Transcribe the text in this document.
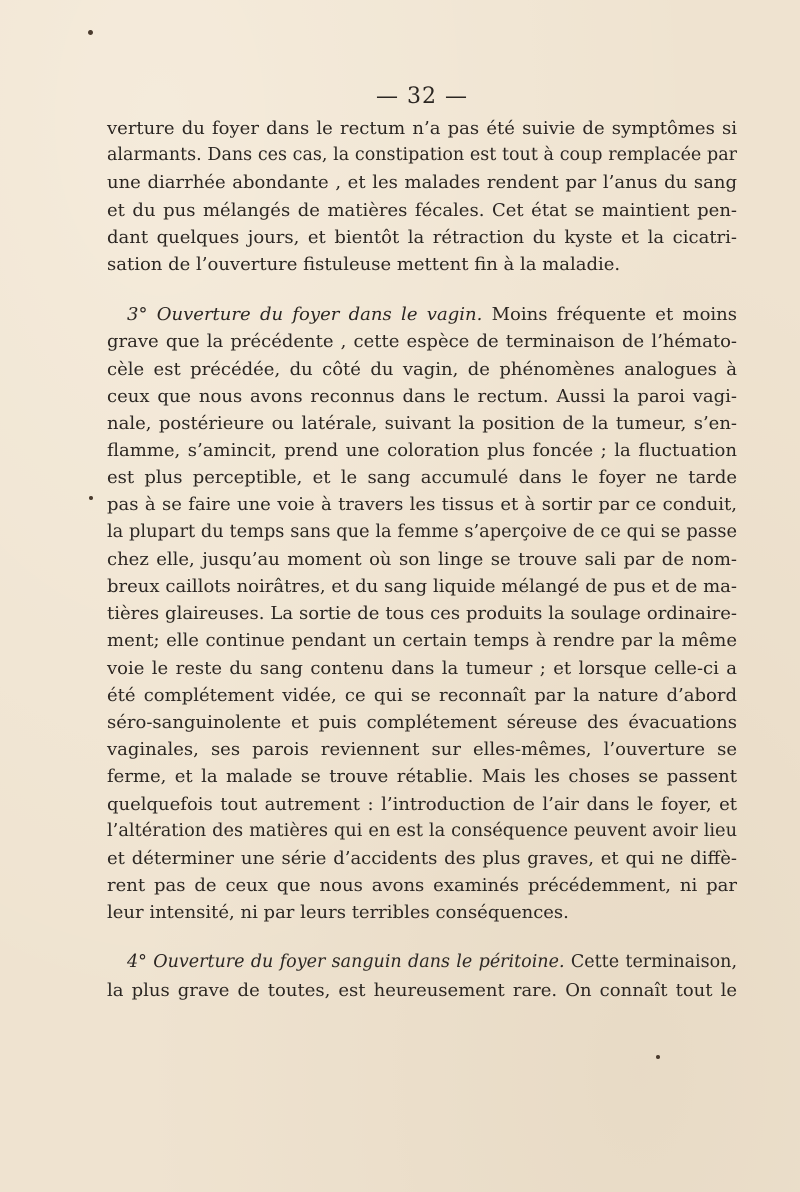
— 32 —
verture du foyer dans le rectum n’a pas été suivie de symptômes si
alarmants. Dans ces cas, la constipation est tout à coup remplacée par
une diarrhée abondante , et les malades rendent par l’anus du sang
et du pus mélangés de matières fécales. Cet état se maintient pen-
dant quelques jours, et bientôt la rétraction du kyste et la cicatri-
sation de l’ouverture fistuleuse mettent fin à la maladie.
3° Ouverture du foyer dans le vagin. Moins fréquente et moins
grave que la précédente , cette espèce de terminaison de l’hémato-
cèle est précédée, du côté du vagin, de phénomènes analogues à
ceux que nous avons reconnus dans le rectum. Aussi la paroi vagi-
nale, postérieure ou latérale, suivant la position de la tumeur, s’en-
flamme, s’amincit, prend une coloration plus foncée ; la fluctuation
est plus perceptible, et le sang accumulé dans le foyer ne tarde
pas à se faire une voie à travers les tissus et à sortir par ce conduit,
la plupart du temps sans que la femme s’aperçoive de ce qui se passe
chez elle, jusqu’au moment où son linge se trouve sali par de nom-
breux caillots noirâtres, et du sang liquide mélangé de pus et de ma-
tières glaireuses. La sortie de tous ces produits la soulage ordinaire-
ment; elle continue pendant un certain temps à rendre par la même
voie le reste du sang contenu dans la tumeur ; et lorsque celle-ci a
été complétement vidée, ce qui se reconnaît par la nature d’abord
séro-sanguinolente et puis complétement séreuse des évacuations
vaginales, ses parois reviennent sur elles-mêmes, l’ouverture se
ferme, et la malade se trouve rétablie. Mais les choses se passent
quelquefois tout autrement : l’introduction de l’air dans le foyer, et
l’altération des matières qui en est la conséquence peuvent avoir lieu
et déterminer une série d’accidents des plus graves, et qui ne diffè-
rent pas de ceux que nous avons examinés précédemment, ni par
leur intensité, ni par leurs terribles conséquences.
4° Ouverture du foyer sanguin dans le péritoine. Cette terminaison,
la plus grave de toutes, est heureusement rare. On connaît tout le
